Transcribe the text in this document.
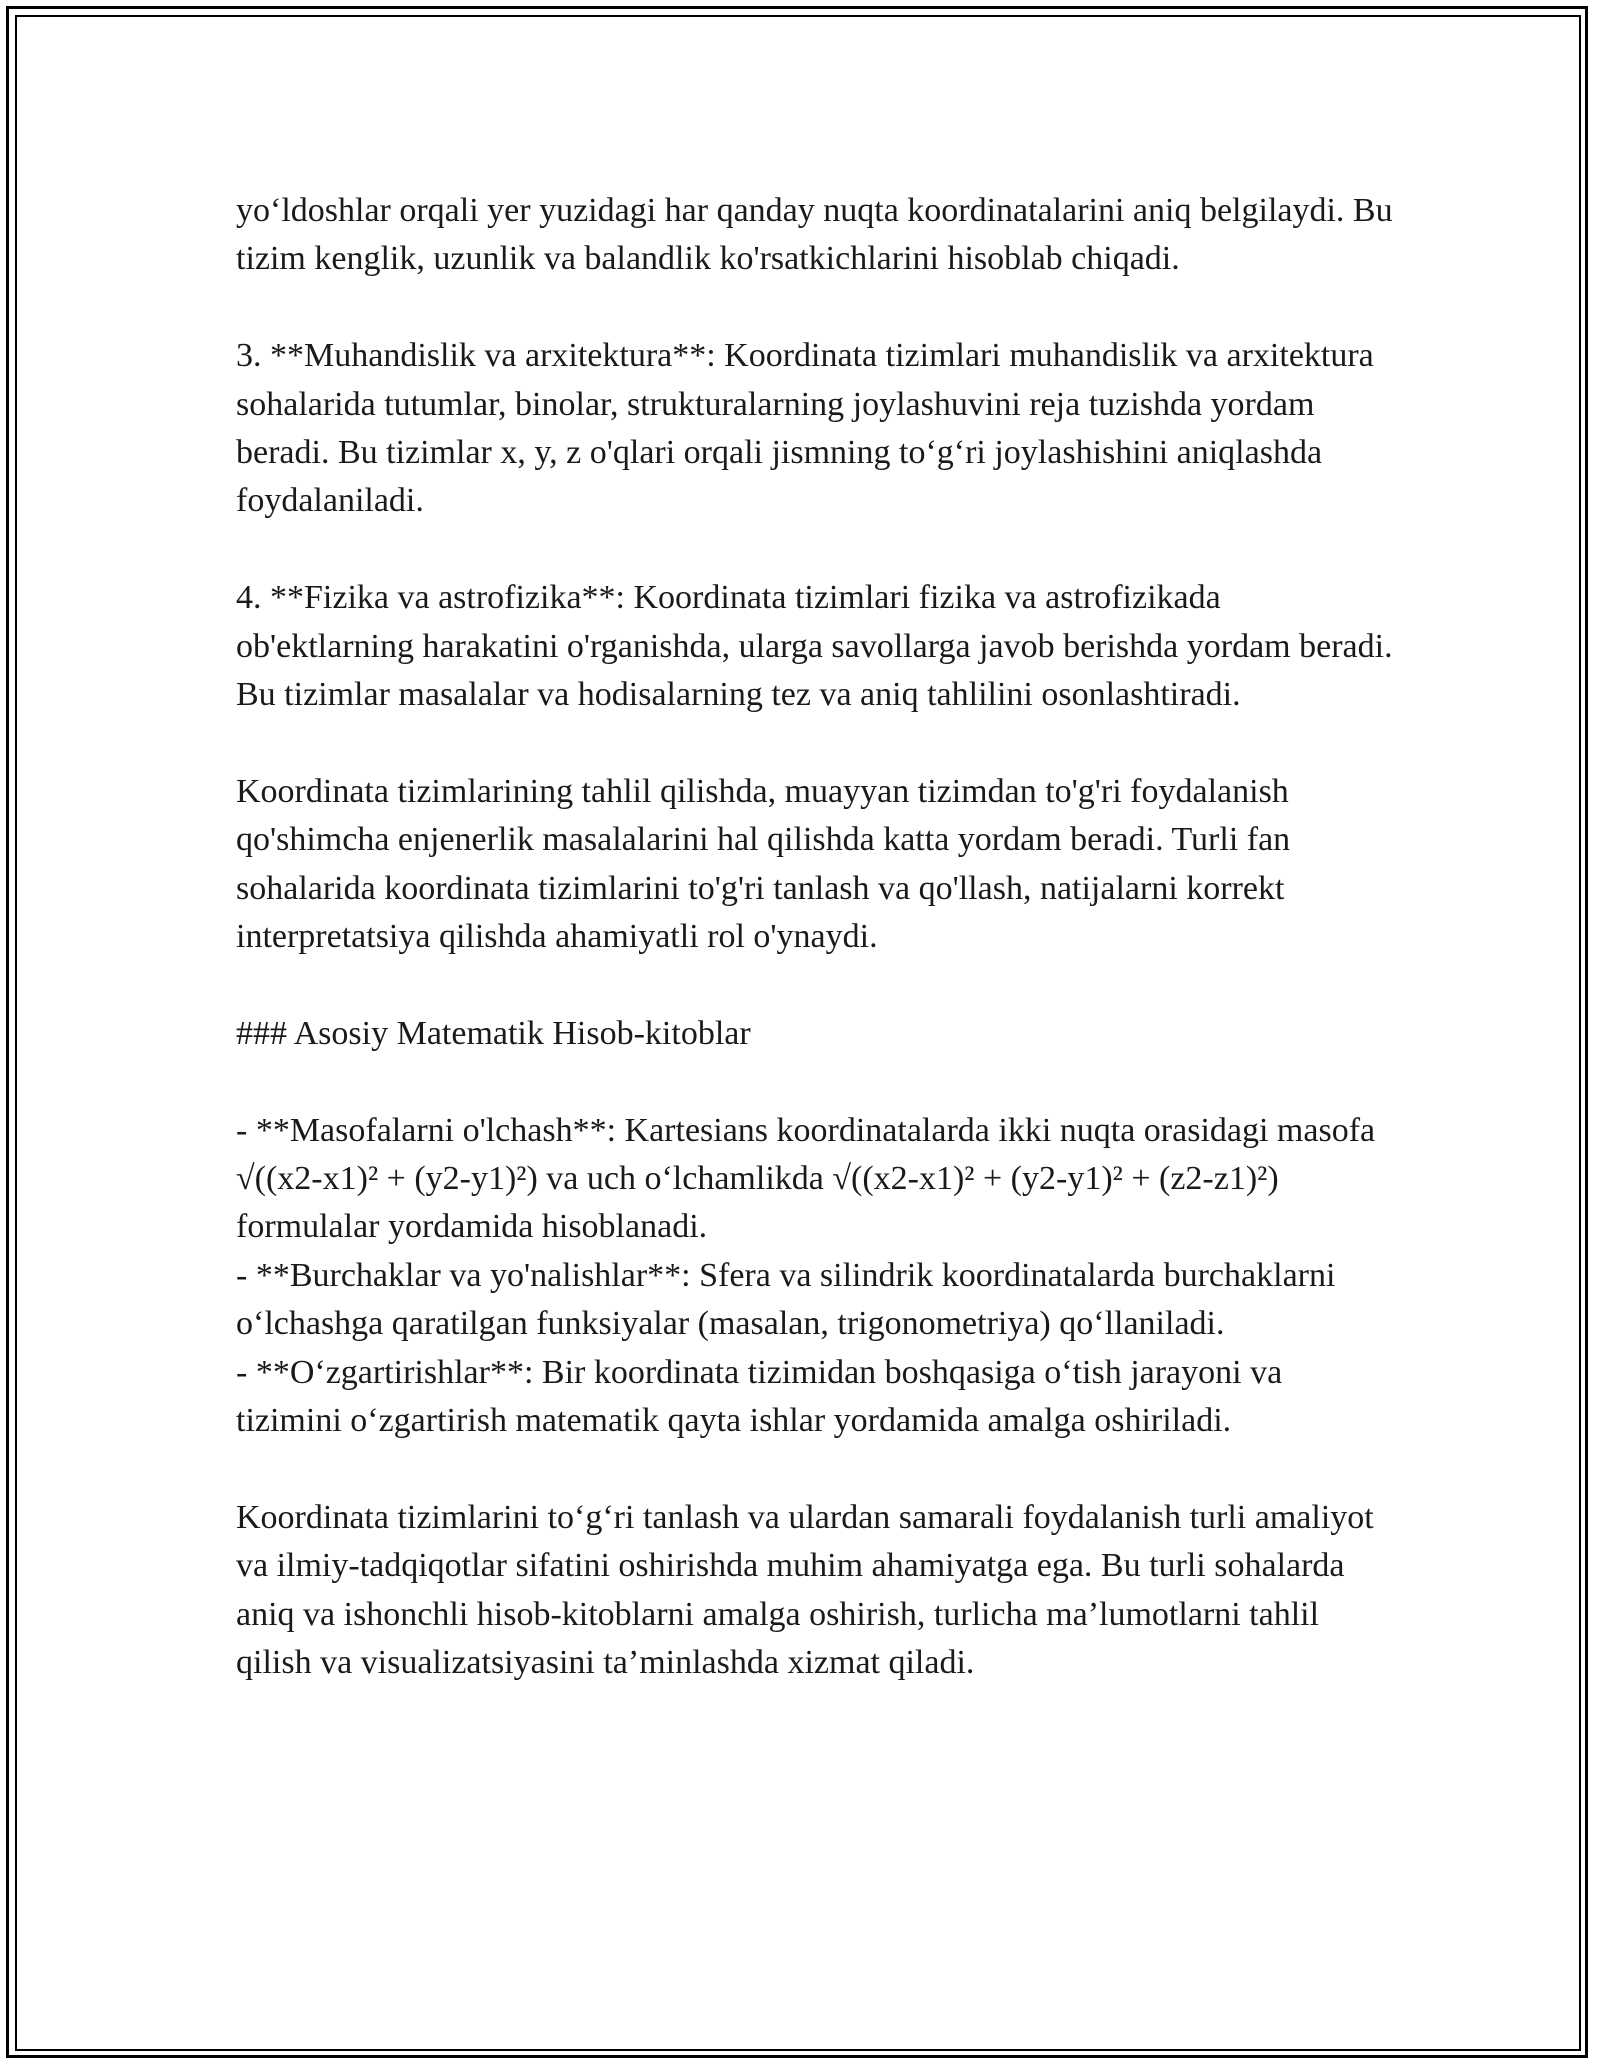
yo‘ldoshlar orqali yer yuzidagi har qanday nuqta koordinatalarini aniq belgilaydi. Bu tizim kenglik, uzunlik va balandlik ko'rsatkichlarini hisoblab chiqadi.

3. **Muhandislik va arxitektura**: Koordinata tizimlari muhandislik va arxitektura sohalarida tutumlar, binolar, strukturalarning joylashuvini reja tuzishda yordam beradi. Bu tizimlar x, y, z o'qlari orqali jismning to‘g‘ri joylashishini aniqlashda foydalaniladi.

4. **Fizika va astrofizika**: Koordinata tizimlari fizika va astrofizikada ob'ektlarning harakatini o'rganishda, ularga savollarga javob berishda yordam beradi. Bu tizimlar masalalar va hodisalarning tez va aniq tahlilini osonlashtiradi.

Koordinata tizimlarining tahlil qilishda, muayyan tizimdan to'g'ri foydalanish qo'shimcha enjenerlik masalalarini hal qilishda katta yordam beradi. Turli fan sohalarida koordinata tizimlarini to'g'ri tanlash va qo'llash, natijalarni korrekt interpretatsiya qilishda ahamiyatli rol o'ynaydi.

### Asosiy Matematik Hisob-kitoblar

- **Masofalarni o'lchash**: Kartesians koordinatalarda ikki nuqta orasidagi masofa √((x2-x1)² + (y2-y1)²) va uch o‘lchamlikda √((x2-x1)² + (y2-y1)² + (z2-z1)²) formulalar yordamida hisoblanadi.
- **Burchaklar va yo'nalishlar**: Sfera va silindrik koordinatalarda burchaklarni o‘lchashga qaratilgan funksiyalar (masalan, trigonometriya) qo‘llaniladi.
- **O‘zgartirishlar**: Bir koordinata tizimidan boshqasiga o‘tish jarayoni va tizimini o‘zgartirish matematik qayta ishlar yordamida amalga oshiriladi.

Koordinata tizimlarini to‘g‘ri tanlash va ulardan samarali foydalanish turli amaliyot va ilmiy-tadqiqotlar sifatini oshirishda muhim ahamiyatga ega. Bu turli sohalarda aniq va ishonchli hisob-kitoblarni amalga oshirish, turlicha ma’lumotlarni tahlil qilish va visualizatsiyasini ta’minlashda xizmat qiladi.
